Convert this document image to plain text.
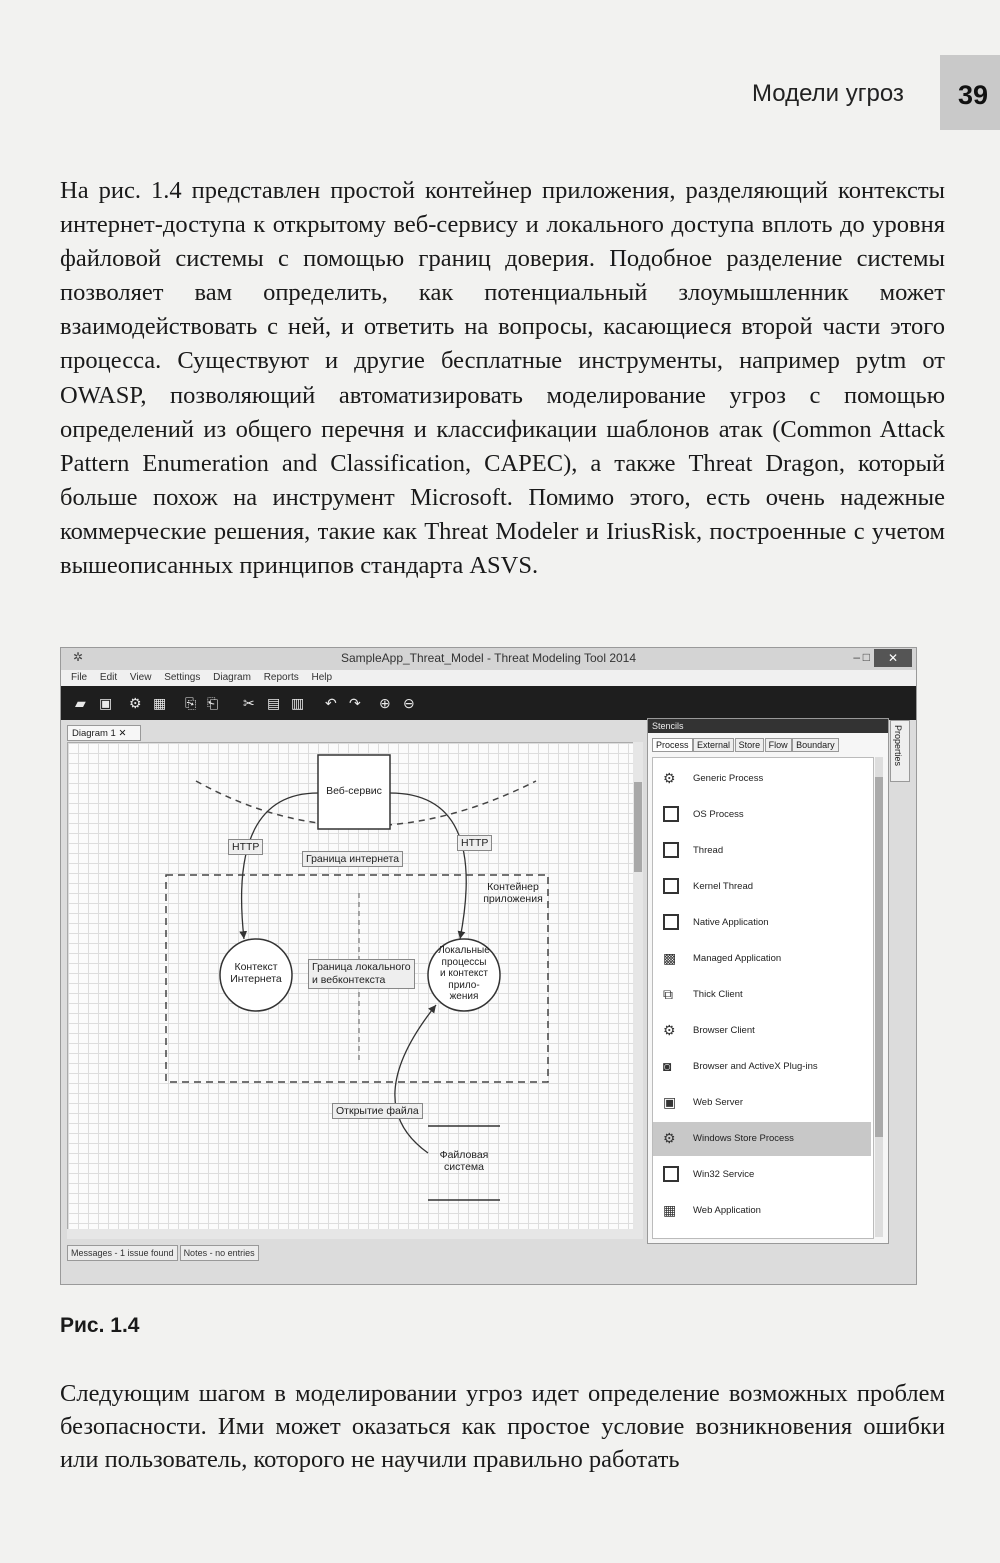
Модели угроз 39
На рис. 1.4 представлен простой контейнер приложения, разделяющий контексты интернет-доступа к открытому веб-сервису и локального доступа вплоть до уровня файловой системы с помощью границ доверия. Подобное разделение системы позволяет вам определить, как потенциальный злоумышленник может взаимодействовать с ней, и ответить на вопросы, касающиеся второй части этого процесса. Существуют и другие бесплатные инструменты, например pytm от OWASP, позволяющий автоматизировать моделирование угроз с помощью определений из общего перечня и классификации шаблонов атак (Common Attack Pattern Enumeration and Classification, CAPEC), а также Threat Dragon, который больше похож на инструмент Microsoft. Помимо этого, есть очень надежные коммерческие решения, такие как Threat Modeler и IriusRisk, построенные с учетом вышеописанных принципов стандарта ASVS.
SampleApp_Threat_Model - Threat Modeling Tool 2014
✲	– □	✕
File Edit View Settings Diagram Reports Help
▰ ▣ ⚙ ▦ ⎘ ⎗ ✂ ▤ ▥ ↶ ↷ ⊕ ⊖
Diagram 1 ✕
Веб-сервис
HTTP	HTTP
Граница интернета
Контейнер
приложения
Контекст
Интернета
Граница локального
и вебконтекста
Локальные
процессы
и контекст
прило-
жения
Открытие файла
Файловая
система
Messages - 1 issue found Notes - no entries
Stencils
Process External Store Flow Boundary
⚙	Generic Process
OS Process
Thread
Kernel Thread
Native Application
▩ Managed Application
⧉	Thick Client
⚙	Browser Client
◙	Browser and ActiveX Plug-ins
▣ Web Server
⚙	Windows Store Process
Win32 Service
▦ Web Application
Properties
Рис. 1.4
Следующим шагом в моделировании угроз идет определение возможных проблем безопасности. Ими может оказаться как простое условие возникновения ошибки или пользователь, которого не научили правильно работать
